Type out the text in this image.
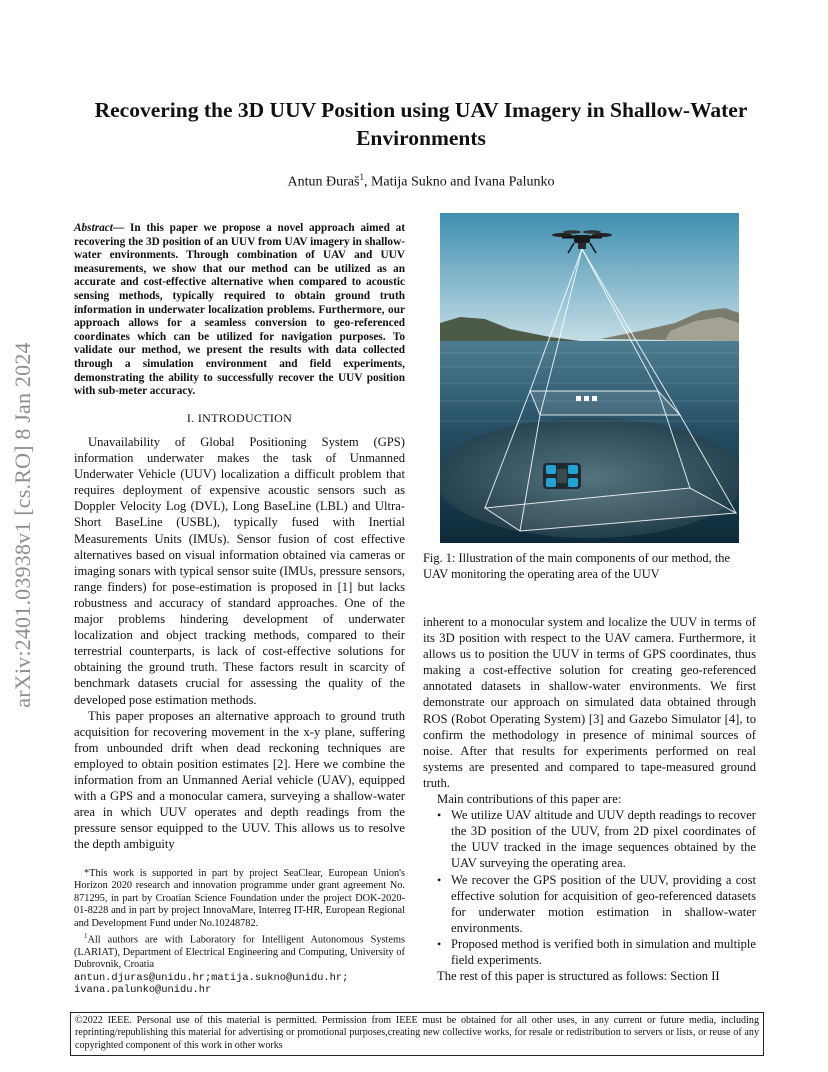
arXiv:2401.03938v1 [cs.RO] 8 Jan 2024
Recovering the 3D UUV Position using UAV Imagery in Shallow-Water Environments
Antun Đuraš$^1$, Matija Sukno and Ivana Palunko
Abstract— In this paper we propose a novel approach aimed at recovering the 3D position of an UUV from UAV imagery in shallow-water environments. Through combination of UAV and UUV measurements, we show that our method can be utilized as an accurate and cost-effective alternative when compared to acoustic sensing methods, typically required to obtain ground truth information in underwater localization problems. Furthermore, our approach allows for a seamless conversion to geo-referenced coordinates which can be utilized for navigation purposes. To validate our method, we present the results with data collected through a simulation environment and field experiments, demonstrating the ability to successfully recover the UUV position with sub-meter accuracy.
I. INTRODUCTION

Unavailability of Global Positioning System (GPS) information underwater makes the task of Unmanned Underwater Vehicle (UUV) localization a difficult problem that requires deployment of expensive acoustic sensors such as Doppler Velocity Log (DVL), Long BaseLine (LBL) and Ultra-Short BaseLine (USBL), typically fused with Inertial Measurements Units (IMUs). Sensor fusion of cost effective alternatives based on visual information obtained via cameras or imaging sonars with typical sensor suite (IMUs, pressure sensors, range finders) for pose-estimation is proposed in [1] but lacks robustness and accuracy of standard approaches. One of the major problems hindering development of underwater localization and object tracking methods, compared to their terrestrial counterparts, is lack of cost-effective solutions for obtaining the ground truth. These factors result in scarcity of benchmark datasets crucial for assessing the quality of the developed pose estimation methods.

This paper proposes an alternative approach to ground truth acquisition for recovering movement in the x-y plane, suffering from unbounded drift when dead reckoning techniques are employed to obtain position estimates [2]. Here we combine the information from an Unmanned Aerial vehicle (UAV), equipped with a GPS and a monocular camera, surveying a shallow-water area in which UUV operates and depth readings from the pressure sensor equipped to the UUV. This allows us to resolve the depth ambiguity

*This work is supported in part by project SeaClear, European Union's Horizon 2020 research and innovation programme under grant agreement No. 871295, in part by Croatian Science Foundation under the project DOK-2020-01-8228 and in part by project InnovaMare, Interreg IT-HR, European Regional and Development Fund under No.10248782.

$^1$All authors are with Laboratory for Intelligent Autonomous Systems (LARIAT), Department of Electrical Engineering and Computing, University of Dubrovnik, Croatia

antun.djuras@unidu.hr;matija.sukno@unidu.hr; ivana.palunko@unidu.hr

Fig. 1: Illustration of the main components of our method, the UAV monitoring the operating area of the UUV

inherent to a monocular system and localize the UUV in terms of its 3D position with respect to the UAV camera. Furthermore, it allows us to position the UUV in terms of GPS coordinates, thus making a cost-effective solution for creating geo-referenced annotated datasets in shallow-water environments. We first demonstrate our approach on simulated data obtained through ROS (Robot Operating System) [3] and Gazebo Simulator [4], to confirm the methodology in presence of minimal sources of noise. After that results for experiments performed on real systems are presented and compared to tape-measured ground truth.

Main contributions of this paper are:

• We utilize UAV altitude and UUV depth readings to recover the 3D position of the UUV, from 2D pixel coordinates of the UUV tracked in the image sequences obtained by the UAV surveying the operating area.
• We recover the GPS position of the UUV, providing a cost effective solution for acquisition of geo-referenced datasets for underwater motion estimation in shallow-water environments.
• Proposed method is verified both in simulation and multiple field experiments.

The rest of this paper is structured as follows: Section II

©2022 IEEE. Personal use of this material is permitted. Permission from IEEE must be obtained for all other uses, in any current or future media, including reprinting/republishing this material for advertising or promotional purposes,creating new collective works, for resale or redistribution to servers or lists, or reuse of any copyrighted component of this work in other works
